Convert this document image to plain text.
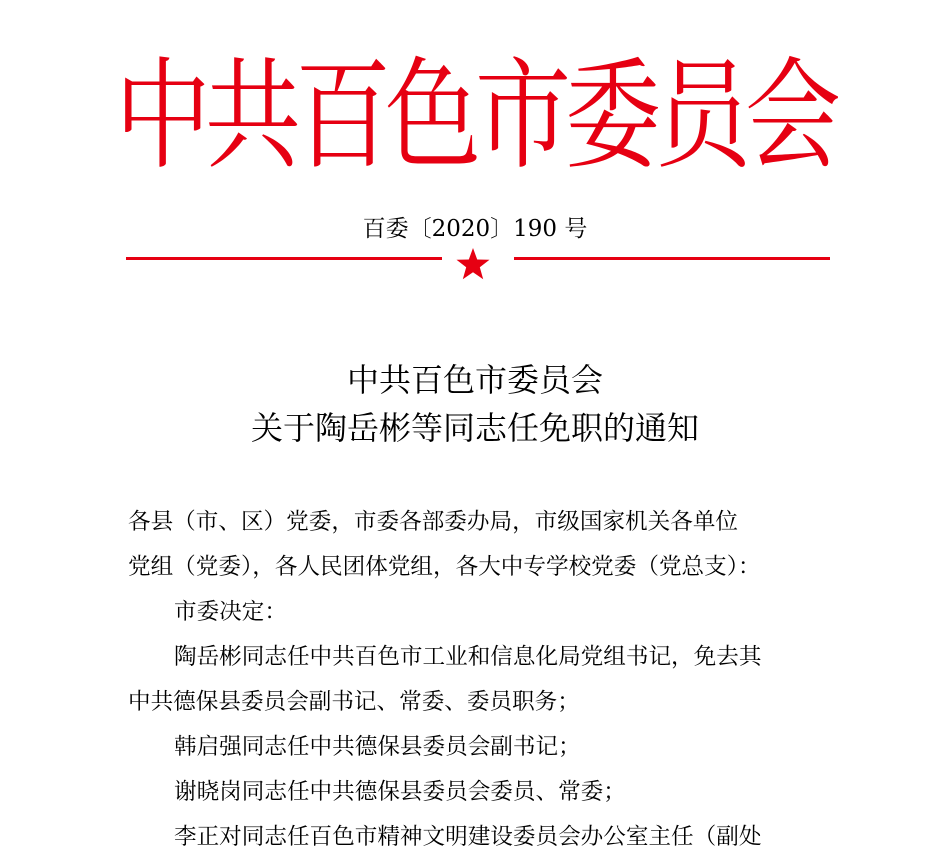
中共百色市委员会
百委〔2020〕190 号
中共百色市委员会
关于陶岳彬等同志任免职的通知

各县（市、区）党委，市委各部委办局，市级国家机关各单位

党组（党委），各人民团体党组，各大中专学校党委（党总支）：

市委决定：

陶岳彬同志任中共百色市工业和信息化局党组书记，免去其

中共德保县委员会副书记、常委、委员职务；

韩启强同志任中共德保县委员会副书记；

谢晓岗同志任中共德保县委员会委员、常委；

李正对同志任百色市精神文明建设委员会办公室主任（副处
